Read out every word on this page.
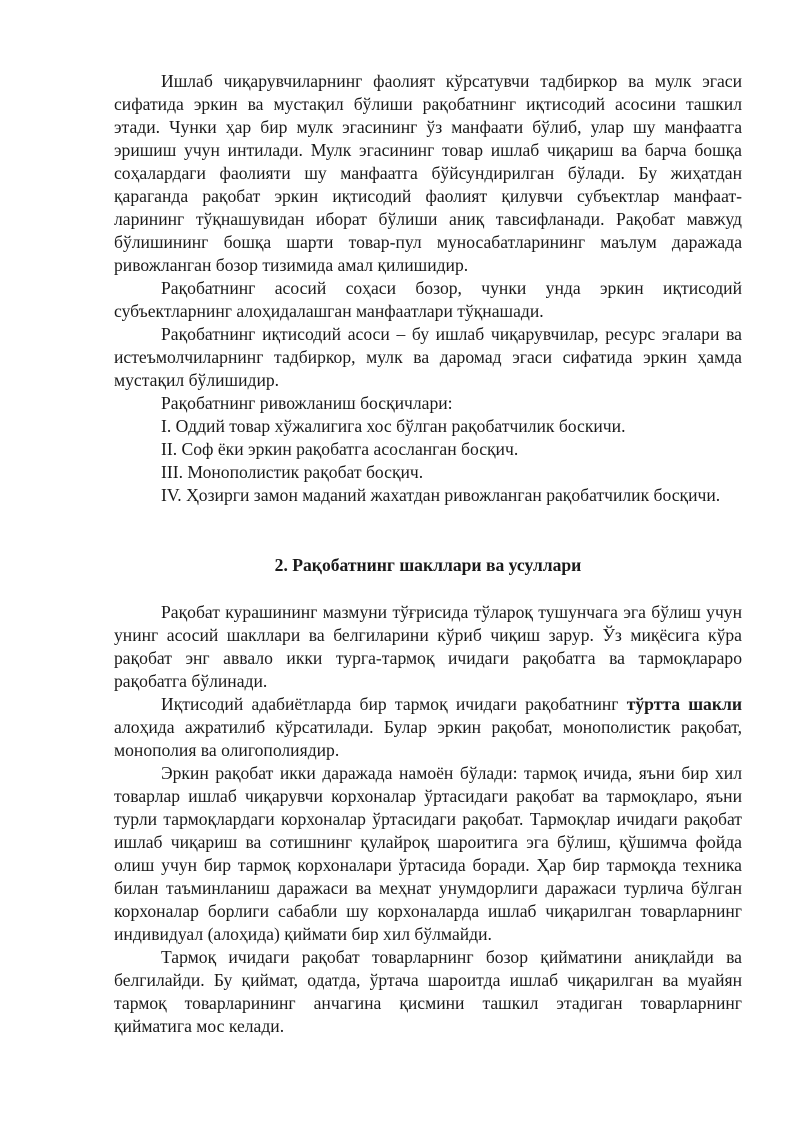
Ишлаб чиқарувчиларнинг фаолият кўрсатувчи тадбиркор ва мулк эгаси сифатида эркин ва мустақил бўлиши рақобатнинг иқтисодий асосини ташкил этади. Чунки ҳар бир мулк эгасининг ўз манфаати бўлиб, улар шу манфаатга эришиш учун интилади. Мулк эгасининг товар ишлаб чиқариш ва барча бошқа соҳалардаги фаолияти шу манфаатга бўйсундирилган бўлади. Бу жиҳатдан қараганда рақобат эркин иқтисодий фаолият қилувчи субъектлар манфаат-ларининг тўқнашувидан иборат бўлиши аниқ тавсифланади. Рақобат мавжуд бўлишининг бошқа шарти товар-пул муносабатларининг маълум даражада ривожланган бозор тизимида амал қилишидир.

Рақобатнинг асосий соҳаси бозор, чунки унда эркин иқтисодий субъектларнинг алоҳидалашган манфаатлари тўқнашади.

Рақобатнинг иқтисодий асоси – бу ишлаб чиқарувчилар, ресурс эгалари ва истеъмолчиларнинг тадбиркор, мулк ва даромад эгаси сифатида эркин ҳамда мустақил бўлишидир.

Рақобатнинг ривожланиш босқичлари:

I. Оддий товар хўжалигига хос бўлган рақобатчилик боскичи.

II. Соф ёки эркин рақобатга асосланган босқич.

III. Монополистик рақобат босқич.

IV. Ҳозирги замон маданий жахатдан ривожланган рақобатчилик босқичи.

2. Рақобатнинг шакллари ва усуллари

Рақобат курашининг мазмуни тўғрисида тўлароқ тушунчага эга бўлиш учун унинг асосий шакллари ва белгиларини кўриб чиқиш зарур. Ўз миқёсига кўра рақобат энг аввало икки турга-тармоқ ичидаги рақобатга ва тармоқлараро рақобатга бўлинади.

Иқтисодий адабиётларда бир тармоқ ичидаги рақобатнинг тўртта шакли алоҳида ажратилиб кўрсатилади. Булар эркин рақобат, монополистик рақобат, монополия ва олигополиядир.

Эркин рақобат икки даражада намоён бўлади: тармоқ ичида, яъни бир хил товарлар ишлаб чиқарувчи корхоналар ўртасидаги рақобат ва тармоқларо, яъни турли тармоқлардаги корхоналар ўртасидаги рақобат. Тармоқлар ичидаги рақобат ишлаб чиқариш ва сотишнинг қулайроқ шароитига эга бўлиш, қўшимча фойда олиш учун бир тармоқ корхоналари ўртасида боради. Ҳар бир тармоқда техника билан таъминланиш даражаси ва меҳнат унумдорлиги даражаси турлича бўлган корхоналар борлиги сабабли шу корхоналарда ишлаб чиқарилган товарларнинг индивидуал (алоҳида) қиймати бир хил бўлмайди.

Тармоқ ичидаги рақобат товарларнинг бозор қийматини аниқлайди ва белгилайди. Бу қиймат, одатда, ўртача шароитда ишлаб чиқарилган ва муайян тармоқ товарларининг анчагина қисмини ташкил этадиган товарларнинг қийматига мос келади.
